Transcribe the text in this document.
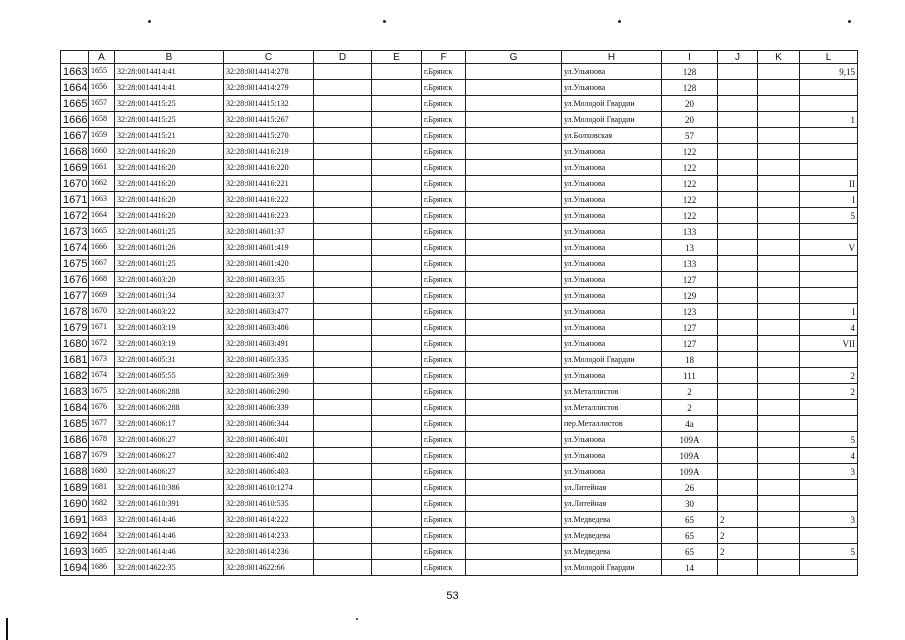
	A	B	C	D	E	F	G	H	I	J	K	L
1663	1655	32:28:0014414:41	32:28:0014414:278			г.Брянск		ул.Ульянова	128			9,15
1664	1656	32:28:0014414:41	32:28:0014414:279			г.Брянск		ул.Ульянова	128			
1665	1657	32:28:0014415:25	32:28:0014415:132			г.Брянск		ул.Молодой Гвардии	20			
1666	1658	32:28:0014415:25	32:28:0014415:267			г.Брянск		ул.Молодой Гвардии	20			1
1667	1659	32:28:0014415:21	32:28:0014415:270			г.Брянск		ул.Болховская	57			
1668	1660	32:28:0014416:20	32:28:0014416:219			г.Брянск		ул.Ульянова	122			
1669	1661	32:28:0014416:20	32:28:0014416:220			г.Брянск		ул.Ульянова	122			
1670	1662	32:28:0014416:20	32:28:0014416:221			г.Брянск		ул.Ульянова	122			II
1671	1663	32:28:0014416:20	32:28:0014416:222			г.Брянск		ул.Ульянова	122			I
1672	1664	32:28:0014416:20	32:28:0014416:223			г.Брянск		ул.Ульянова	122			5
1673	1665	32:28:0014601:25	32:28:0014601:37			г.Брянск		ул.Ульянова	133			
1674	1666	32:28:0014601:26	32:28:0014601:419			г.Брянск		ул.Ульянова	13			V
1675	1667	32:28:0014601:25	32:28:0014601:420			г.Брянск		ул.Ульянова	133			
1676	1668	32:28:0014603:20	32:28:0014603:35			г.Брянск		ул.Ульянова	127			
1677	1669	32:28:0014601:34	32:28:0014603:37			г.Брянск		ул.Ульянова	129			
1678	1670	32:28:0014603:22	32:28:0014603:477			г.Брянск		ул.Ульянова	123			I
1679	1671	32:28:0014603:19	32:28:0014603:486			г.Брянск		ул.Ульянова	127			4
1680	1672	32:28:0014603:19	32:28:0014603:491			г.Брянск		ул.Ульянова	127			VII
1681	1673	32:28:0014605:31	32:28:0014605:335			г.Брянск		ул.Молодой Гвардии	18			
1682	1674	32:28:0014605:55	32:28:0014605:369			г.Брянск		ул.Ульянова	111			2
1683	1675	32:28:0014606:288	32:28:0014606:290			г.Брянск		ул.Металлистов	2			2
1684	1676	32:28:0014606:288	32:28:0014606:339			г.Брянск		ул.Металлистов	2			
1685	1677	32:28:0014606:17	32:28:0014606:344			г.Брянск		пер.Металлистов	4а			
1686	1678	32:28:0014606:27	32:28:0014606:401			г.Брянск		ул.Ульянова	109А			5
1687	1679	32:28:0014606:27	32:28:0014606:402			г.Брянск		ул.Ульянова	109А			4
1688	1680	32:28:0014606:27	32:28:0014606:403			г.Брянск		ул.Ульянова	109А			3
1689	1681	32:28:0014610:386	32:28:0014610:1274			г.Брянск		ул.Литейная	26			
1690	1682	32:28:0014610:391	32:28:0014610:535			г.Брянск		ул.Литейная	30			
1691	1683	32:28:0014614:46	32:28:0014614:222			г.Брянск		ул.Медведева	65	2		3
1692	1684	32:28:0014614:46	32:28:0014614:233			г.Брянск		ул.Медведева	65	2		
1693	1685	32:28:0014614:46	32:28:0014614:236			г.Брянск		ул.Медведева	65	2		5
1694	1686	32:28:0014622:35	32:28:0014622:66			г.Брянск		ул.Молодой Гвардии	14			
53
